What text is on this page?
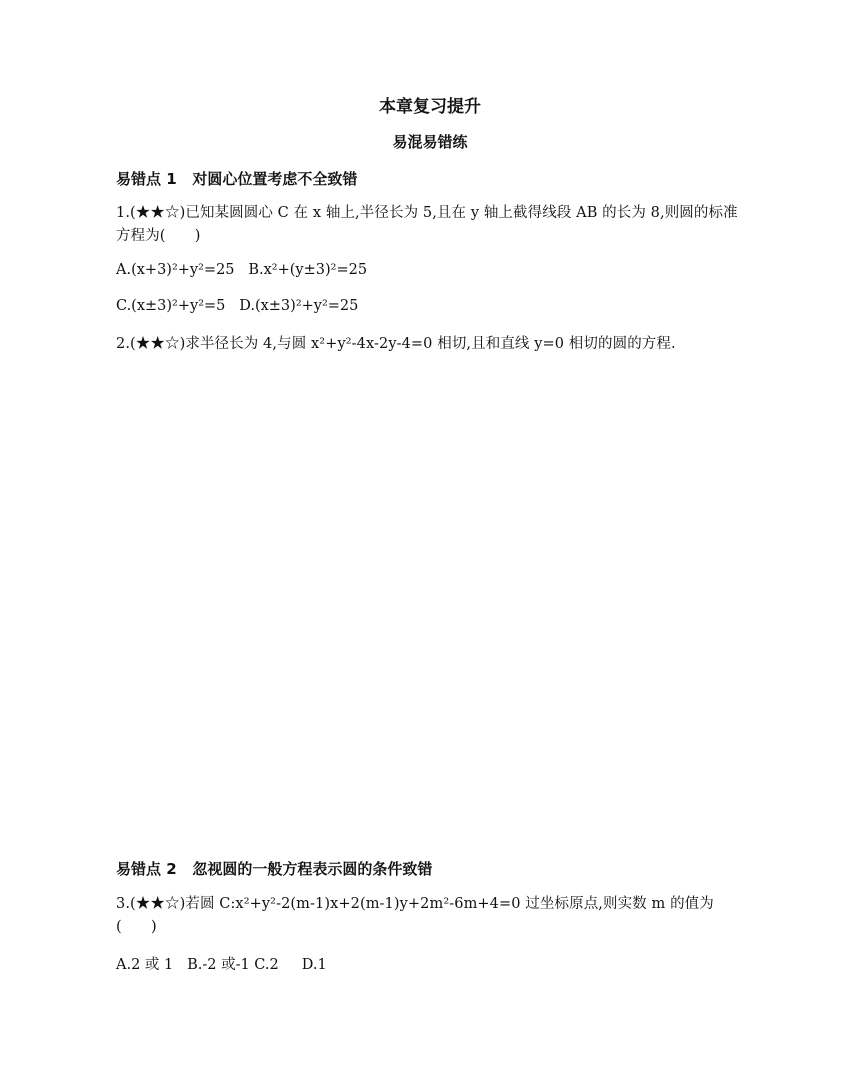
本章复习提升
易混易错练
易错点 1   对圆心位置考虑不全致错
1.(★★☆)已知某圆圆心 C 在 x 轴上,半径长为 5,且在 y 轴上截得线段 AB 的长为 8,则圆的标准方程为(　　)
A.(x+3)²+y²=25 B.x²+(y±3)²=25
C.(x±3)²+y²=5 D.(x±3)²+y²=25
2.(★★☆)求半径长为 4,与圆 x²+y²-4x-2y-4=0 相切,且和直线 y=0 相切的圆的方程.
易错点 2   忽视圆的一般方程表示圆的条件致错
3.(★★☆)若圆 C:x²+y²-2(m-1)x+2(m-1)y+2m²-6m+4=0 过坐标原点,则实数 m 的值为(　　)
A.2 或 1   B.-2 或-1 C.2     D.1
